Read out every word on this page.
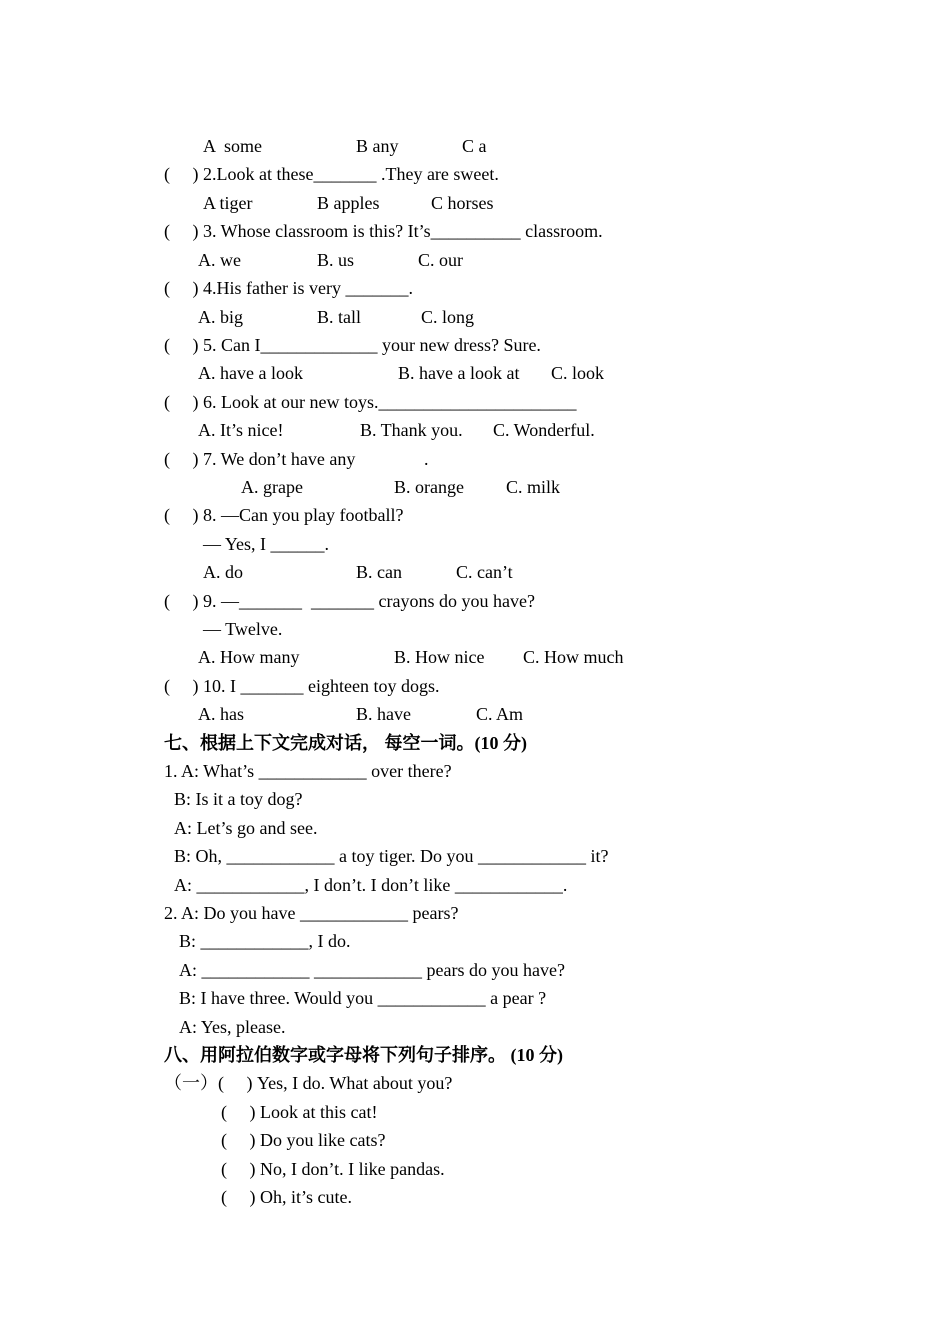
A  some	B any	C a
(     ) 2.Look at these_______ .They are sweet.
A tiger	B apples	C horses
(     ) 3. Whose classroom is this? It’s__________ classroom.
A. we	B. us	C. our
(     ) 4.His father is very _______.
A. big	B. tall	C. long
(     ) 5. Can I_____________ your new dress? Sure.
A. have a look	B. have a look at C. look
(     ) 6. Look at our new toys.______________________
A. It’s nice!	B. Thank you. C. Wonderful.
(     ) 7. We don’t have any	.
A. grape	B. orange C. milk
(     ) 8. —Can you play football?
— Yes, I ______.
A. do	B. can	C. can’t
(     ) 9. —_______  _______ crayons do you have?
— Twelve.
A. How many	B. How nice C. How much
(     ) 10. I _______ eighteen toy dogs.
A. has	B. have	C. Am
七、根据上下文完成对话， 每空一词。(10 分)
1. A: What’s ____________ over there?
B: Is it a toy dog?
A: Let’s go and see.
B: Oh, ____________ a toy tiger. Do you ____________ it?
A: ____________, I don’t. I don’t like ____________.
2. A: Do you have ____________ pears?
B: ____________, I do.
A: ____________ ____________ pears do you have?
B: I have three. Would you ____________ a pear ?
A: Yes, please.
八、用阿拉伯数字或字母将下列句子排序。 (10 分)
（一）(     ) Yes, I do. What about you?
(     ) Look at this cat!
(     ) Do you like cats?
(     ) No, I don’t. I like pandas.
(     ) Oh, it’s cute.
